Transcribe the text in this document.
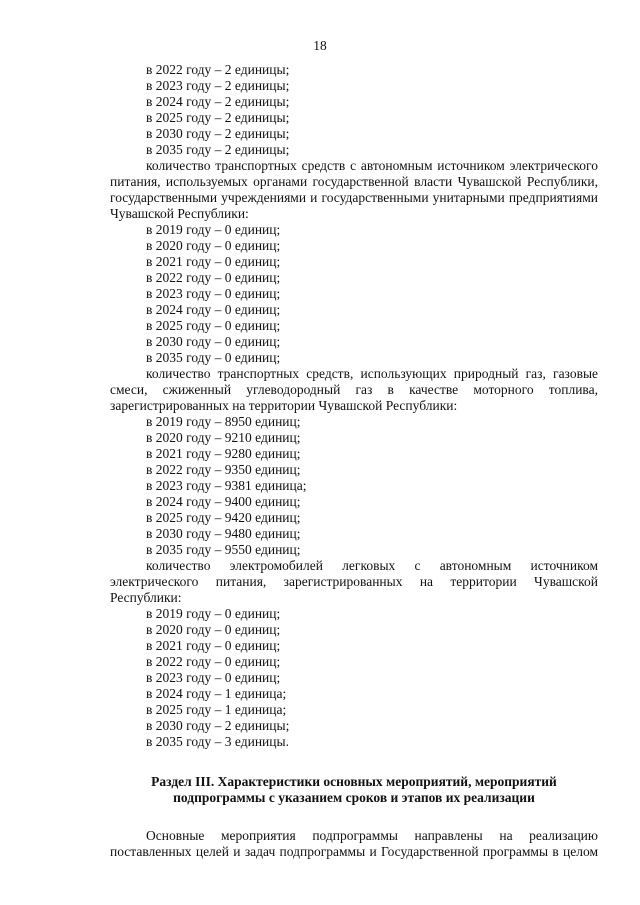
18
в 2022 году – 2 единицы;
в 2023 году – 2 единицы;
в 2024 году – 2 единицы;
в 2025 году – 2 единицы;
в 2030 году – 2 единицы;
в 2035 году – 2 единицы;

количество транспортных средств с автономным источником электрического питания, используемых органами государственной власти Чувашской Республики, государственными учреждениями и государственными унитарными предприятиями Чувашской Республики:

в 2019 году – 0 единиц;
в 2020 году – 0 единиц;
в 2021 году – 0 единиц;
в 2022 году – 0 единиц;
в 2023 году – 0 единиц;
в 2024 году – 0 единиц;
в 2025 году – 0 единиц;
в 2030 году – 0 единиц;
в 2035 году – 0 единиц;

количество транспортных средств, использующих природный газ, газовые смеси, сжиженный углеводородный газ в качестве моторного топлива, зарегистрированных на территории Чувашской Республики:

в 2019 году – 8950 единиц;
в 2020 году – 9210 единиц;
в 2021 году – 9280 единиц;
в 2022 году – 9350 единиц;
в 2023 году – 9381 единица;
в 2024 году – 9400 единиц;
в 2025 году – 9420 единиц;
в 2030 году – 9480 единиц;
в 2035 году – 9550 единиц;

количество электромобилей легковых с автономным источником электрического питания, зарегистрированных на территории Чувашской Республики:

в 2019 году – 0 единиц;
в 2020 году – 0 единиц;
в 2021 году – 0 единиц;
в 2022 году – 0 единиц;
в 2023 году – 0 единиц;
в 2024 году – 1 единица;
в 2025 году – 1 единица;
в 2030 году – 2 единицы;
в 2035 году – 3 единицы.

Раздел III. Характеристики основных мероприятий, мероприятий

подпрограммы с указанием сроков и этапов их реализации

Основные мероприятия подпрограммы направлены на реализацию поставленных целей и задач подпрограммы и Государственной программы в целом
